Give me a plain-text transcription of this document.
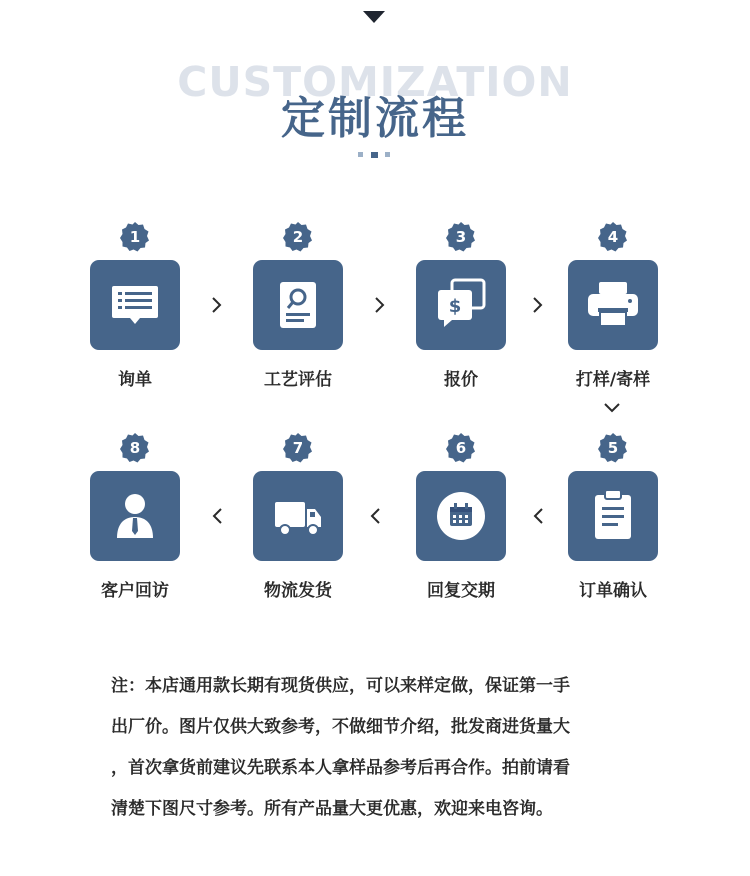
CUSTOMIZATION
定制流程
1
询单
2
工艺评估
3
$
报价
4
打样/寄样
5
订单确认
6
回复交期
7
物流发货
8
客户回访
注：本店通用款长期有现货供应，可以来样定做，保证第一手
出厂价。图片仅供大致参考，不做细节介绍，批发商进货量大
，首次拿货前建议先联系本人拿样品参考后再合作。拍前请看
清楚下图尺寸参考。所有产品量大更优惠，欢迎来电咨询。
